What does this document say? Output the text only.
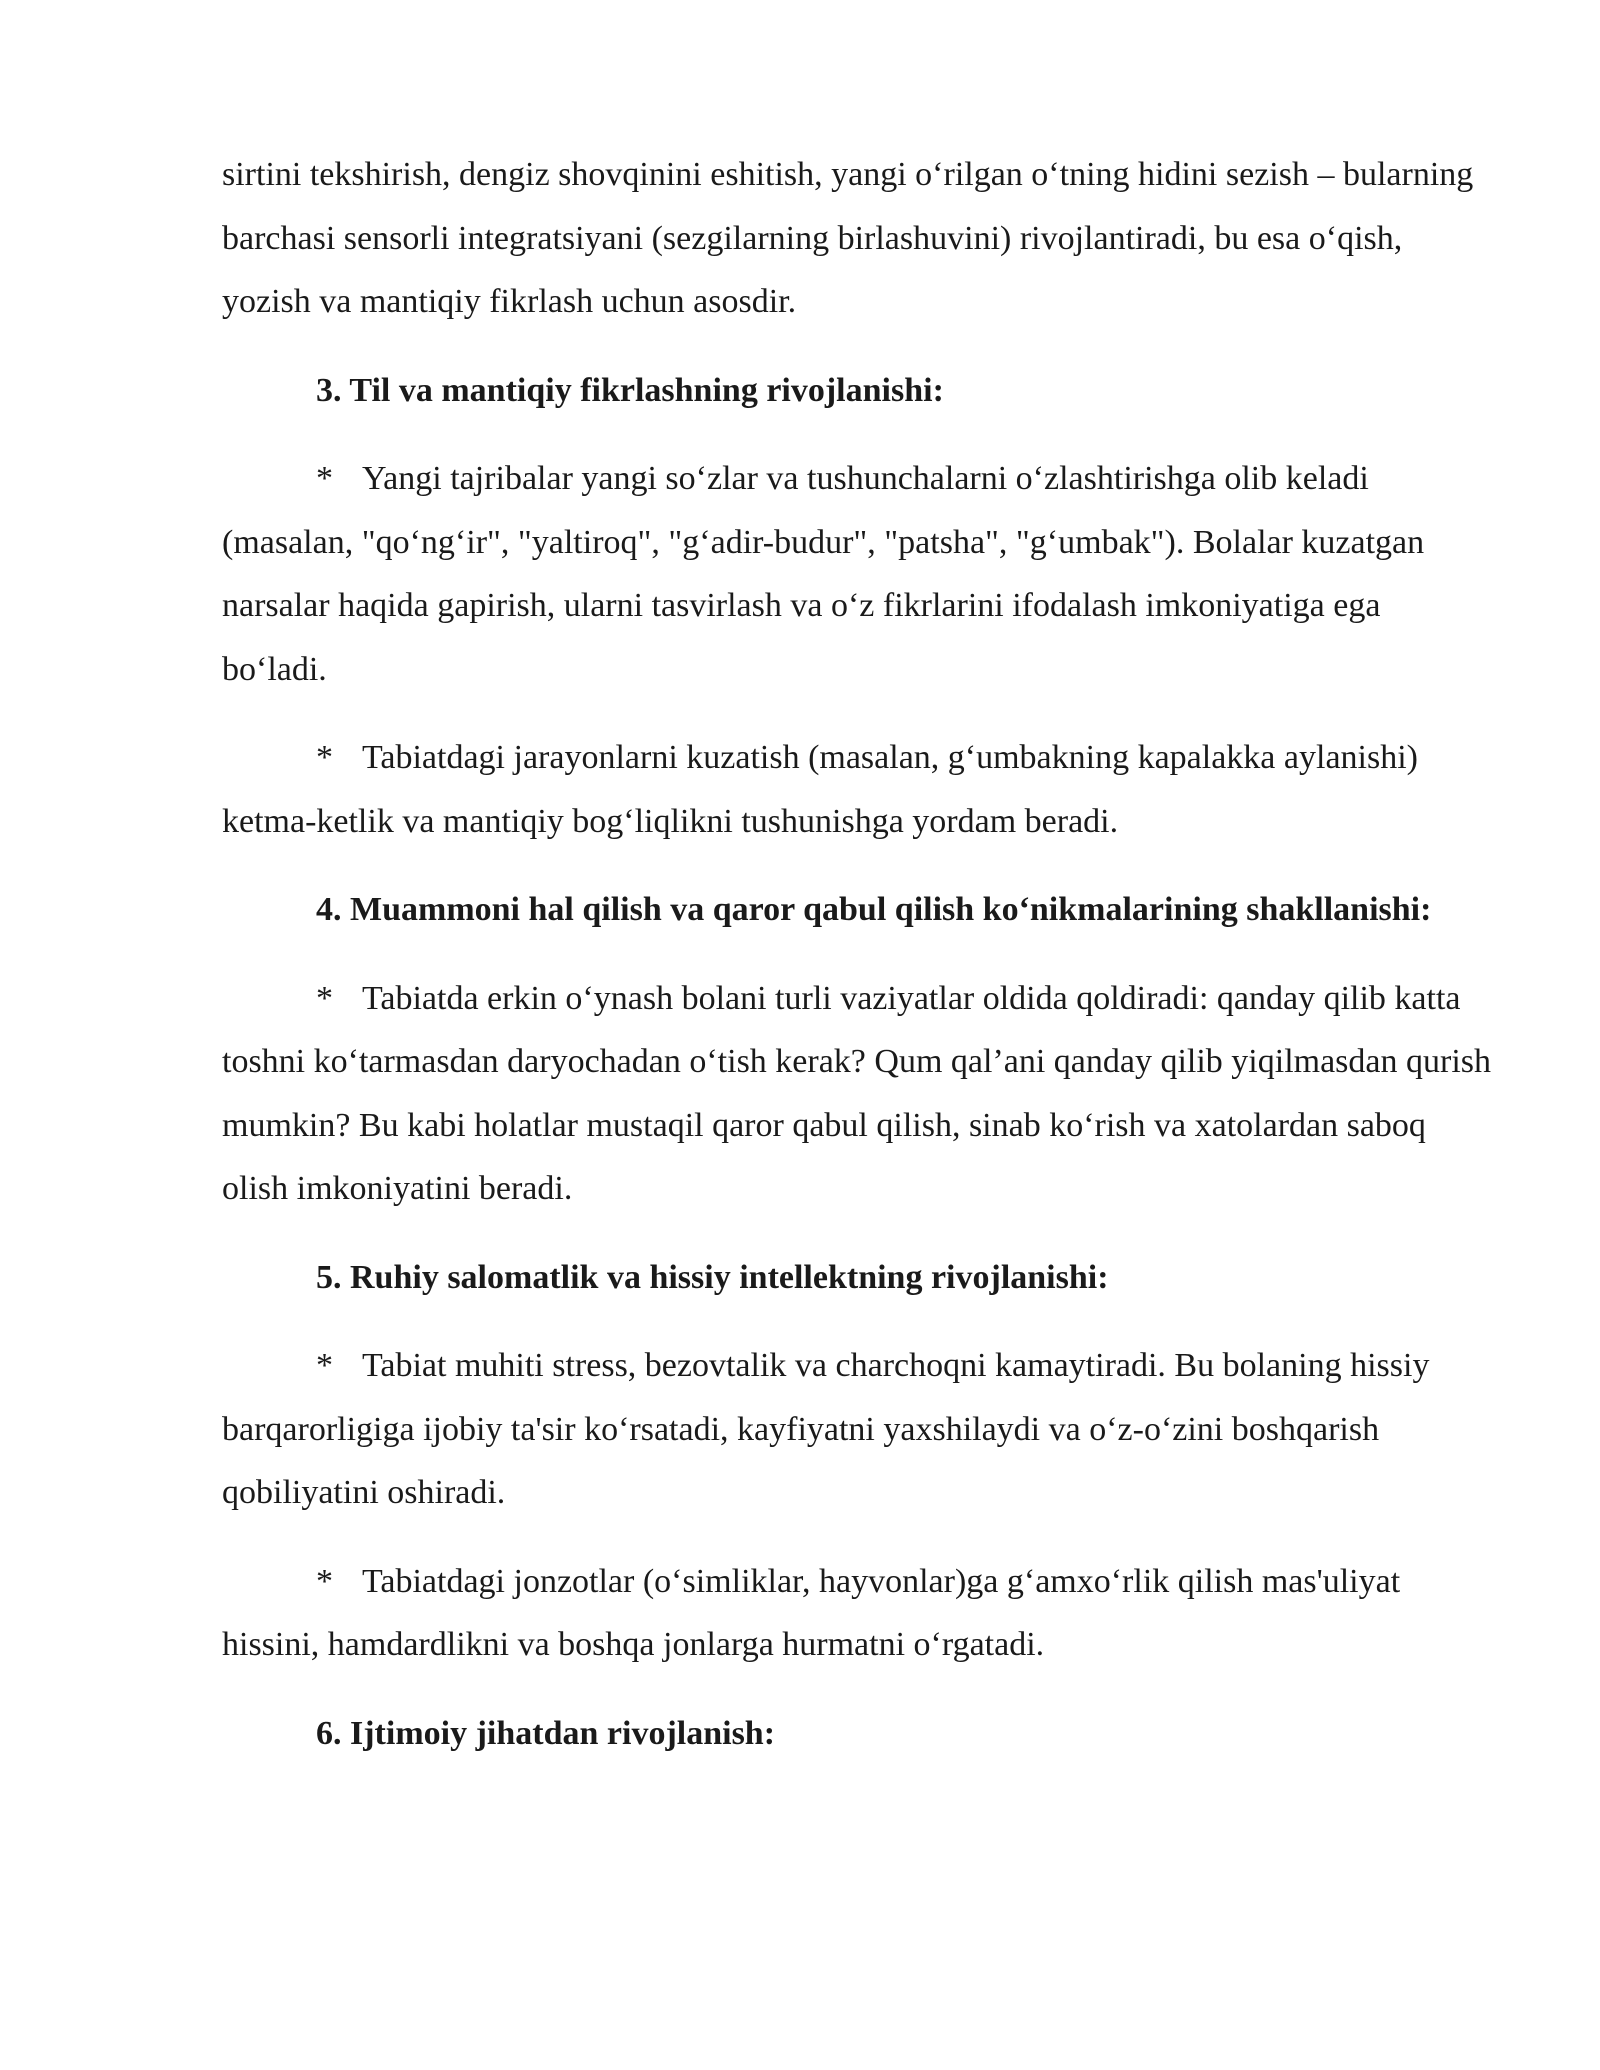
sirtini tekshirish, dengiz shovqinini eshitish, yangi o‘rilgan o‘tning hidini sezish – bularning barchasi sensorli integratsiyani (sezgilarning birlashuvini) rivojlantiradi, bu esa o‘qish, yozish va mantiqiy fikrlash uchun asosdir.

3. Til va mantiqiy fikrlashning rivojlanishi:

* Yangi tajribalar yangi so‘zlar va tushunchalarni o‘zlashtirishga olib keladi (masalan, "qo‘ng‘ir", "yaltiroq", "g‘adir-budur", "patsha", "g‘umbak"). Bolalar kuzatgan narsalar haqida gapirish, ularni tasvirlash va o‘z fikrlarini ifodalash imkoniyatiga ega bo‘ladi.

* Tabiatdagi jarayonlarni kuzatish (masalan, g‘umbakning kapalakka aylanishi) ketma-ketlik va mantiqiy bog‘liqlikni tushunishga yordam beradi.

4. Muammoni hal qilish va qaror qabul qilish ko‘nikmalarining shakllanishi:

* Tabiatda erkin o‘ynash bolani turli vaziyatlar oldida qoldiradi: qanday qilib katta toshni ko‘tarmasdan daryochadan o‘tish kerak? Qum qal’ani qanday qilib yiqilmasdan qurish mumkin? Bu kabi holatlar mustaqil qaror qabul qilish, sinab ko‘rish va xatolardan saboq olish imkoniyatini beradi.

5. Ruhiy salomatlik va hissiy intellektning rivojlanishi:

* Tabiat muhiti stress, bezovtalik va charchoqni kamaytiradi. Bu bolaning hissiy barqarorligiga ijobiy ta'sir ko‘rsatadi, kayfiyatni yaxshilaydi va o‘z-o‘zini boshqarish qobiliyatini oshiradi.

* Tabiatdagi jonzotlar (o‘simliklar, hayvonlar)ga g‘amxo‘rlik qilish mas'uliyat hissini, hamdardlikni va boshqa jonlarga hurmatni o‘rgatadi.

6. Ijtimoiy jihatdan rivojlanish:
